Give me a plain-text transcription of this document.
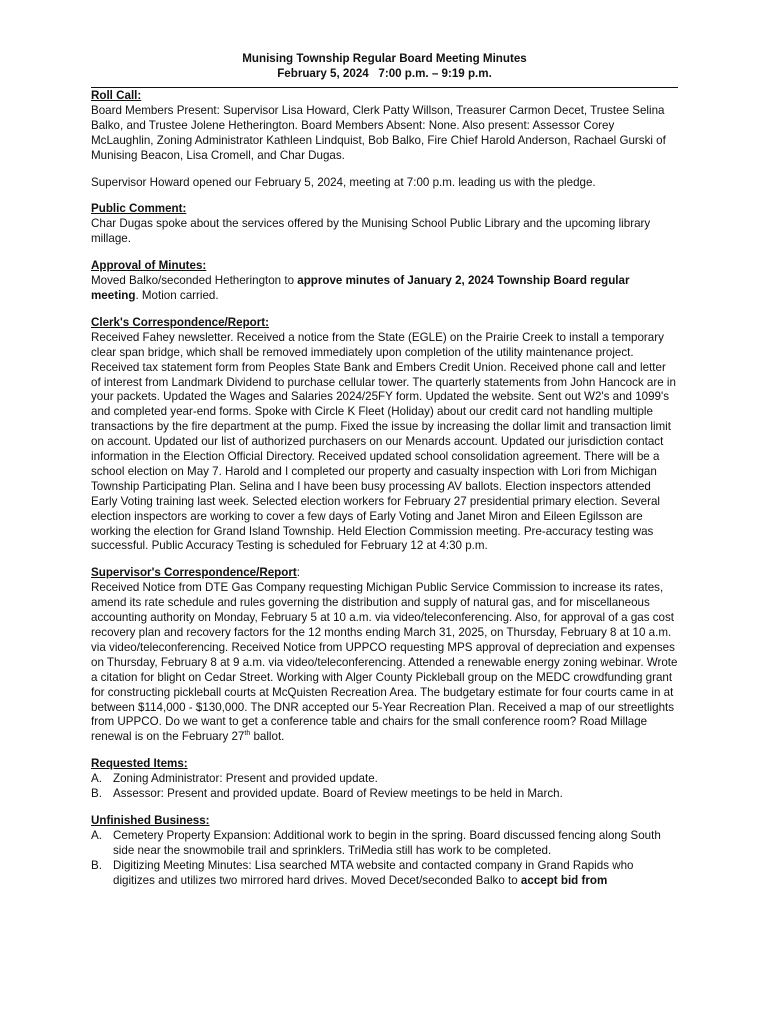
Munising Township Regular Board Meeting Minutes
February 5, 2024   7:00 p.m. – 9:19 p.m.
Roll Call:

Board Members Present: Supervisor Lisa Howard, Clerk Patty Willson, Treasurer Carmon Decet, Trustee Selina Balko, and Trustee Jolene Hetherington. Board Members Absent: None. Also present: Assessor Corey McLaughlin, Zoning Administrator Kathleen Lindquist, Bob Balko, Fire Chief Harold Anderson, Rachael Gurski of Munising Beacon, Lisa Cromell, and Char Dugas.

Supervisor Howard opened our February 5, 2024, meeting at 7:00 p.m. leading us with the pledge.

Public Comment:

Char Dugas spoke about the services offered by the Munising School Public Library and the upcoming library millage.

Approval of Minutes:

Moved Balko/seconded Hetherington to approve minutes of January 2, 2024 Township Board regular meeting. Motion carried.

Clerk's Correspondence/Report:

Received Fahey newsletter. Received a notice from the State (EGLE) on the Prairie Creek to install a temporary clear span bridge, which shall be removed immediately upon completion of the utility maintenance project. Received tax statement form from Peoples State Bank and Embers Credit Union. Received phone call and letter of interest from Landmark Dividend to purchase cellular tower. The quarterly statements from John Hancock are in your packets. Updated the Wages and Salaries 2024/25FY form. Updated the website. Sent out W2's and 1099's and completed year-end forms. Spoke with Circle K Fleet (Holiday) about our credit card not handling multiple transactions by the fire department at the pump. Fixed the issue by increasing the dollar limit and transaction limit on account. Updated our list of authorized purchasers on our Menards account. Updated our jurisdiction contact information in the Election Official Directory. Received updated school consolidation agreement. There will be a school election on May 7. Harold and I completed our property and casualty inspection with Lori from Michigan Township Participating Plan. Selina and I have been busy processing AV ballots. Election inspectors attended Early Voting training last week. Selected election workers for February 27 presidential primary election. Several election inspectors are working to cover a few days of Early Voting and Janet Miron and Eileen Egilsson are working the election for Grand Island Township. Held Election Commission meeting. Pre-accuracy testing was successful. Public Accuracy Testing is scheduled for February 12 at 4:30 p.m.

Supervisor's Correspondence/Report:

Received Notice from DTE Gas Company requesting Michigan Public Service Commission to increase its rates, amend its rate schedule and rules governing the distribution and supply of natural gas, and for miscellaneous accounting authority on Monday, February 5 at 10 a.m. via video/teleconferencing. Also, for approval of a gas cost recovery plan and recovery factors for the 12 months ending March 31, 2025, on Thursday, February 8 at 10 a.m. via video/teleconferencing. Received Notice from UPPCO requesting MPS approval of depreciation and expenses on Thursday, February 8 at 9 a.m. via video/teleconferencing. Attended a renewable energy zoning webinar. Wrote a citation for blight on Cedar Street. Working with Alger County Pickleball group on the MEDC crowdfunding grant for constructing pickleball courts at McQuisten Recreation Area. The budgetary estimate for four courts came in at between $114,000 - $130,000. The DNR accepted our 5-Year Recreation Plan. Received a map of our streetlights from UPPCO. Do we want to get a conference table and chairs for the small conference room? Road Millage renewal is on the February 27th ballot.

Requested Items:
A. Zoning Administrator: Present and provided update.
B. Assessor: Present and provided update. Board of Review meetings to be held in March.
Unfinished Business:
A. Cemetery Property Expansion: Additional work to begin in the spring. Board discussed fencing along South side near the snowmobile trail and sprinklers. TriMedia still has work to be completed.
B. Digitizing Meeting Minutes: Lisa searched MTA website and contacted company in Grand Rapids who digitizes and utilizes two mirrored hard drives. Moved Decet/seconded Balko to accept bid from
